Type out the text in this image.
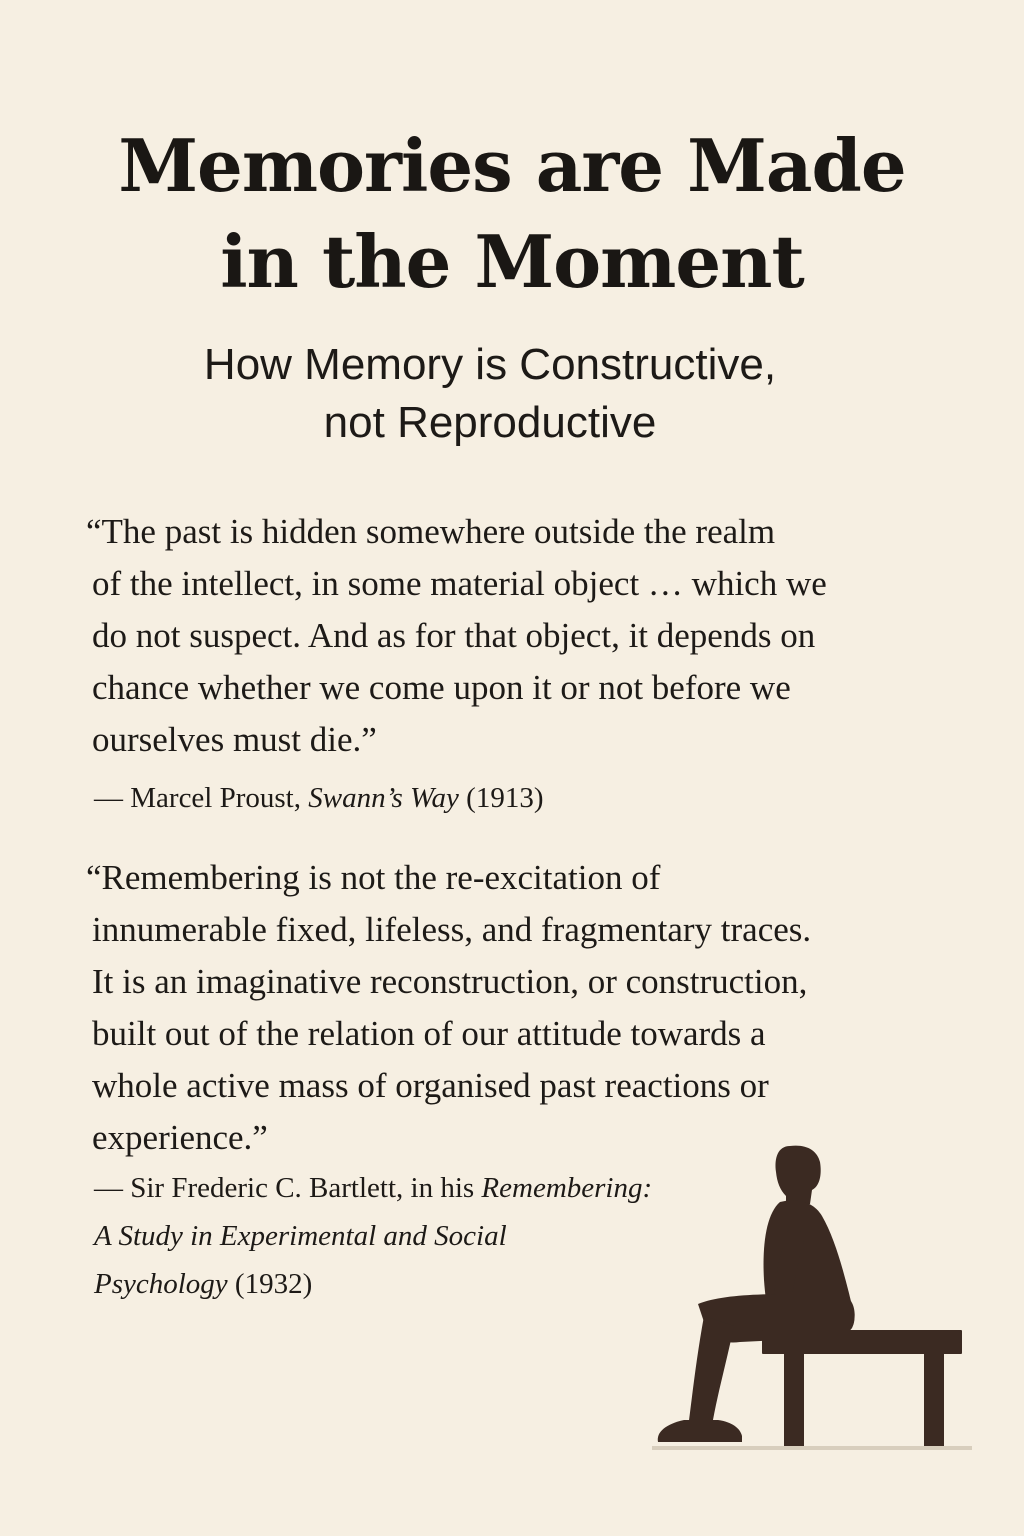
Memories are Made
in the Moment
How Memory is Constructive,
not Reproductive
“The past is hidden somewhere outside the realm
of the intellect, in some material object … which we
do not suspect. And as for that object, it depends on
chance whether we come upon it or not before we
ourselves must die.”

— Marcel Proust, Swann’s Way (1913)

“Remembering is not the re-excitation of
innumerable fixed, lifeless, and fragmentary traces.
It is an imaginative reconstruction, or construction,
built out of the relation of our attitude towards a
whole active mass of organised past reactions or
experience.”

— Sir Frederic C. Bartlett, in his Remembering:
A Study in Experimental and Social
Psychology (1932)
